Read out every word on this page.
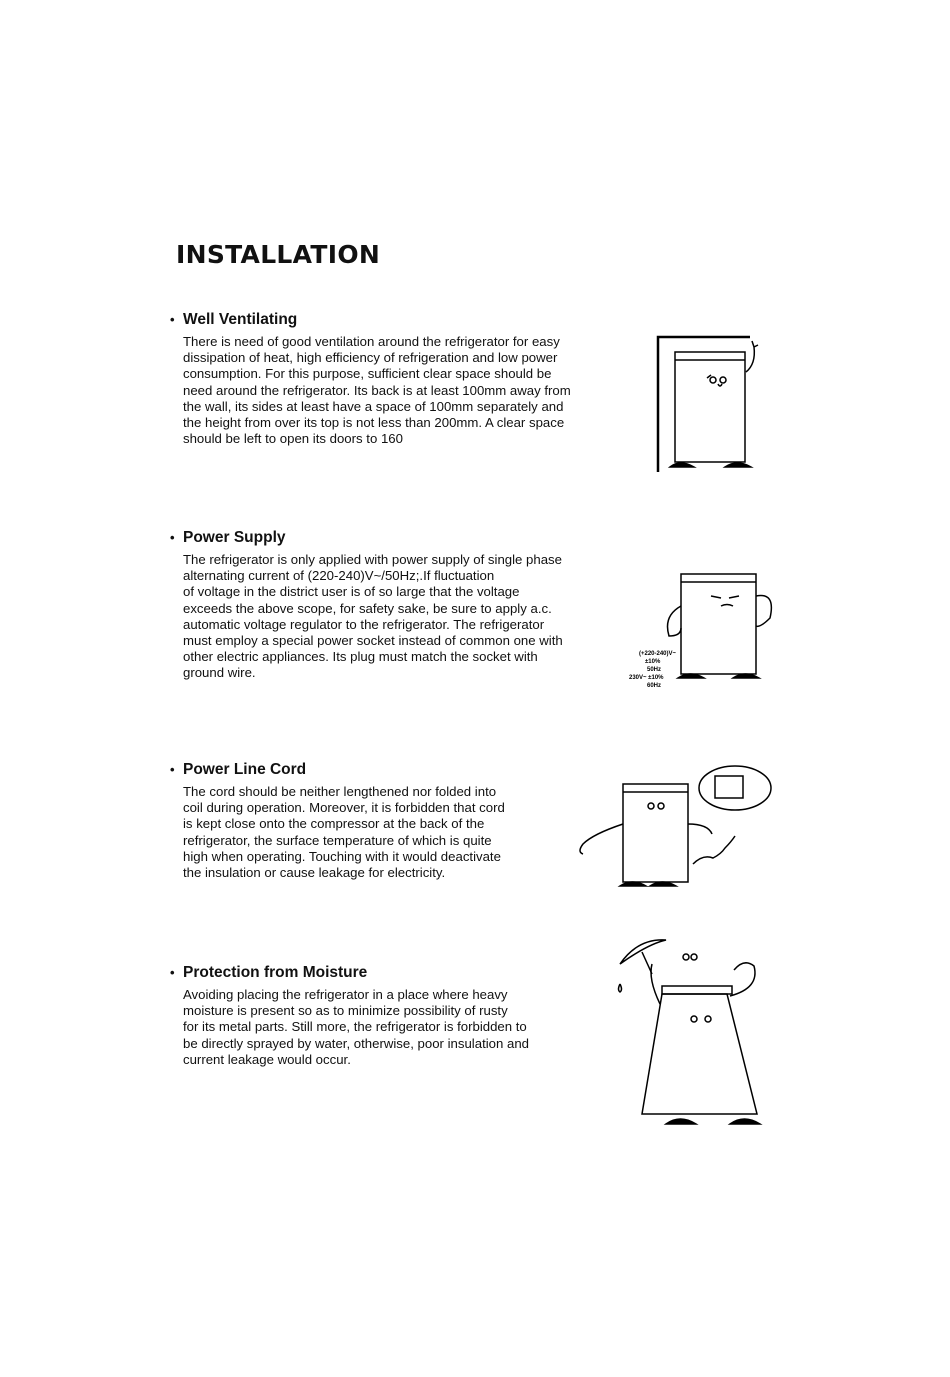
INSTALLATION
• Well Ventilating

There is need of good ventilation around the refrigerator for easy
dissipation of heat, high efficiency of refrigeration and low power
consumption. For this purpose, sufficient clear space should be
need around the refrigerator. Its back is at least 100mm away from
the wall, its sides at least have a space of 100mm separately and
the height from over its top is not less than 200mm. A clear space
should be left to open its doors to 160

• Power Supply

The refrigerator is only applied with power supply of single phase
alternating current of (220-240)V~/50Hz;.If fluctuation
of voltage in the district user is of so large that the voltage
exceeds the above scope, for safety sake, be sure to apply a.c.
automatic voltage regulator to the refrigerator. The refrigerator
must employ a special power socket instead of common one with
other electric appliances. Its plug must match the socket with
ground wire.

• Power Line Cord

The cord should be neither lengthened nor folded into
coil during operation. Moreover, it is forbidden that cord
is kept close onto the compressor at the back of the
refrigerator, the surface temperature of which is quite
high when operating. Touching with it would deactivate
the insulation or cause leakage for electricity.

• Protection from Moisture

Avoiding placing the refrigerator in a place where heavy
moisture is present so as to minimize possibility of rusty
for its metal parts. Still more, the refrigerator is forbidden to
be directly sprayed by water, otherwise, poor insulation and
current leakage would occur.

(+220-240)V~
±10%
50Hz
230V~ ±10%
60Hz
